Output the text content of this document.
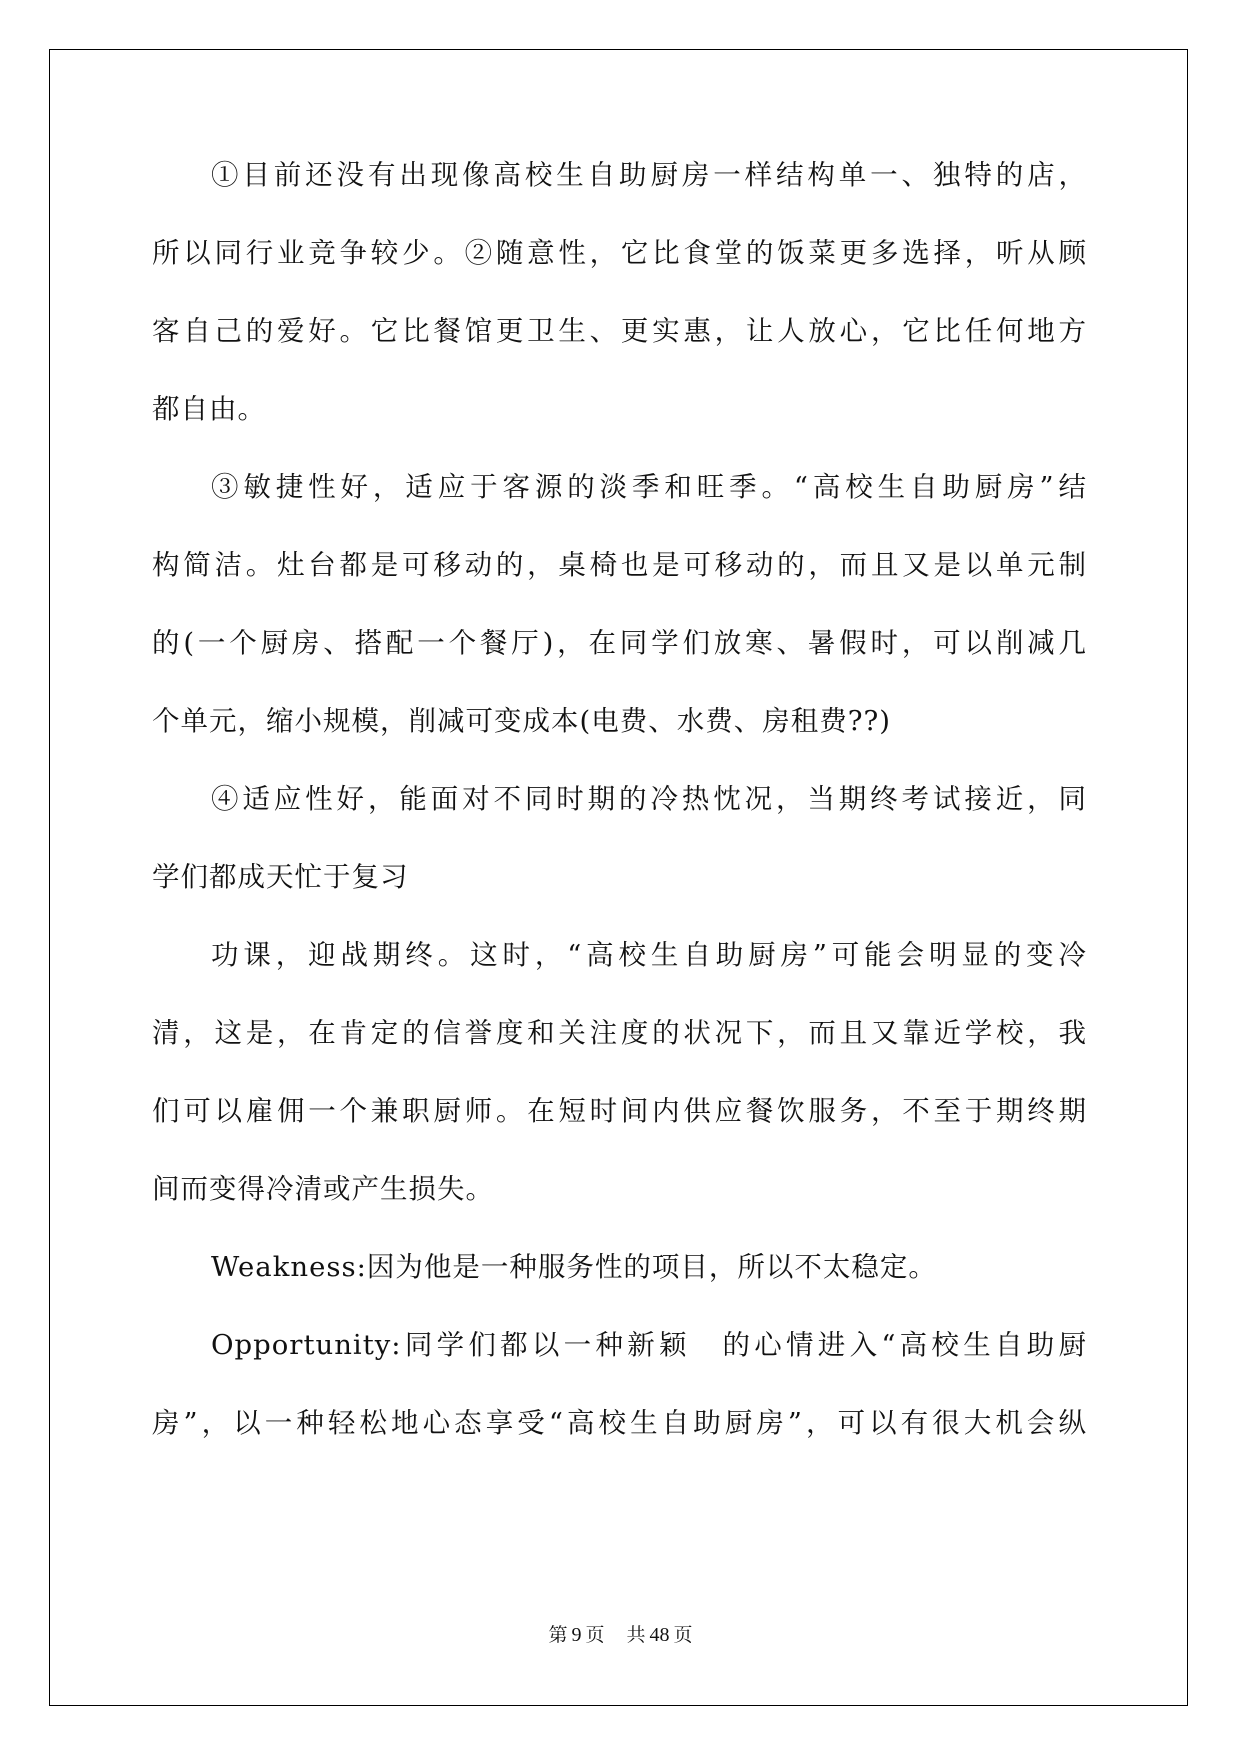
①目前还没有出现像高校生自助厨房一样结构单一、独特的店，
所以同行业竞争较少。②随意性，它比食堂的饭菜更多选择，听从顾
客自己的爱好。它比餐馆更卫生、更实惠，让人放心，它比任何地方
都自由。
③敏捷性好，适应于客源的淡季和旺季。“高校生自助厨房”结
构简洁。灶台都是可移动的，桌椅也是可移动的，而且又是以单元制
的(一个厨房、搭配一个餐厅)，在同学们放寒、暑假时，可以削减几
个单元，缩小规模，削减可变成本(电费、水费、房租费??)
④适应性好，能面对不同时期的冷热忱况，当期终考试接近，同
学们都成天忙于复习
功课，迎战期终。这时，“高校生自助厨房”可能会明显的变冷
清，这是，在肯定的信誉度和关注度的状况下，而且又靠近学校，我
们可以雇佣一个兼职厨师。在短时间内供应餐饮服务，不至于期终期
间而变得冷清或产生损失。
Weakness:因为他是一种服务性的项目，所以不太稳定。
Opportunity:同学们都以一种新颖　的心情进入“高校生自助厨
房”，以一种轻松地心态享受“高校生自助厨房”，可以有很大机会纵
第 9 页 共 48 页
